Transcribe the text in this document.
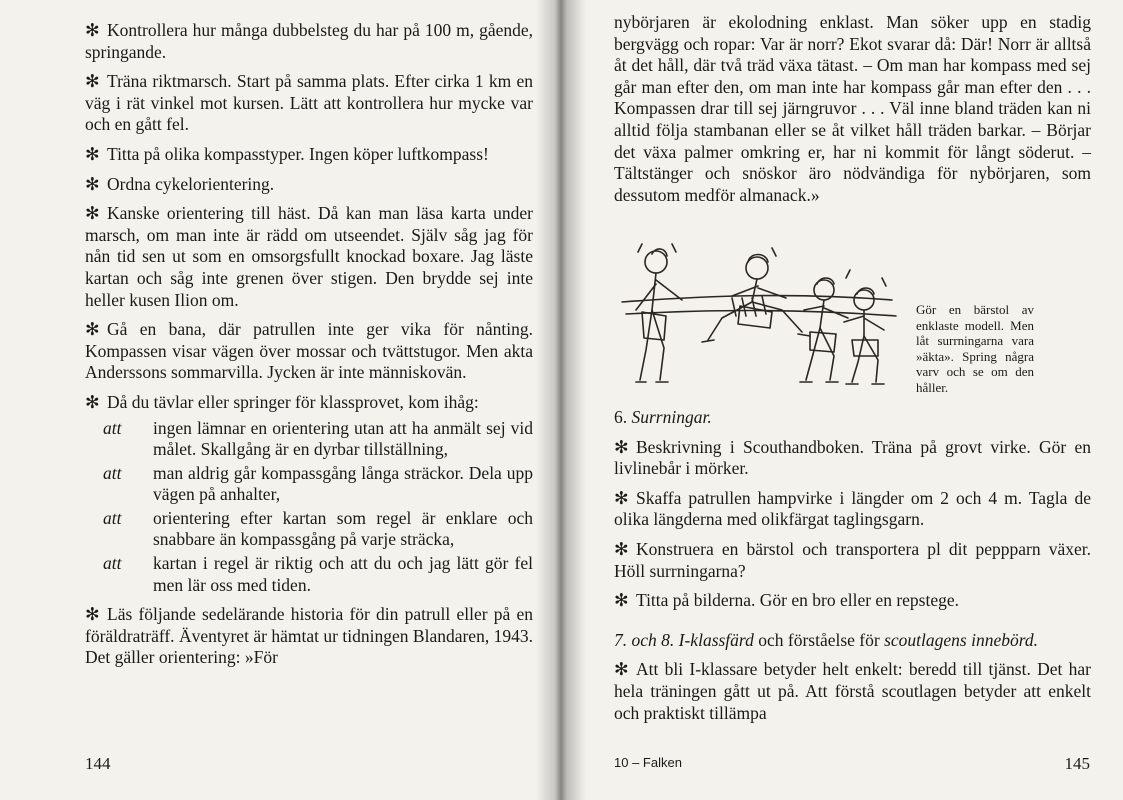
✻ Kontrollera hur många dubbelsteg du har på 100 m, gående, springande.

✻ Träna riktmarsch. Start på samma plats. Efter cirka 1 km en väg i rät vinkel mot kursen. Lätt att kontrollera hur mycke var och en gått fel.

✻ Titta på olika kompasstyper. Ingen köper luftkompass!

✻ Ordna cykelorientering.

✻ Kanske orientering till häst. Då kan man läsa karta under marsch, om man inte är rädd om utseendet. Själv såg jag för nån tid sen ut som en omsorgsfullt knockad boxare. Jag läste kartan och såg inte grenen över stigen. Den brydde sej inte heller kusen Ilion om.

✻ Gå en bana, där patrullen inte ger vika för nånting. Kompassen visar vägen över mossar och tvättstugor. Men akta Anderssons sommarvilla. Jycken är inte människovän.

✻ Då du tävlar eller springer för klassprovet, kom ihåg:

att	ingen lämnar en orientering utan att ha anmält sej vid målet. Skallgång är en dyrbar tillställning,
att	man aldrig går kompassgång långa sträckor. Dela upp vägen på anhalter,
att	orientering efter kartan som regel är enklare och snabbare än kompassgång på varje sträcka,
att	kartan i regel är riktig och att du och jag lätt gör fel men lär oss med tiden.

✻ Läs följande sedelärande historia för din patrull eller på en föräldraträff. Äventyret är hämtat ur tidningen Blandaren, 1943. Det gäller orientering: »För

144

nybörjaren är ekolodning enklast. Man söker upp en stadig bergvägg och ropar: Var är norr? Ekot svarar då: Där! Norr är alltså åt det håll, där två träd växa tätast. – Om man har kompass med sej går man efter den, om man inte har kompass går man efter den . . . Kompassen drar till sej järngruvor . . . Väl inne bland träden kan ni alltid följa stambanan eller se åt vilket håll träden barkar. – Börjar det växa palmer omkring er, har ni kommit för långt söderut. – Tältstänger och snöskor äro nödvändiga för nybörjaren, som dessutom medför almanack.»

6. Surrningar.

✻ Beskrivning i Scouthandboken. Träna på grovt virke. Gör en livlinebår i mörker.

✻ Skaffa patrullen hampvirke i längder om 2 och 4 m. Tagla de olika längderna med olikfärgat taglingsgarn.

✻ Konstruera en bärstol och transportera pl dit peppparn växer. Höll surrningarna?

✻ Titta på bilderna. Gör en bro eller en repstege.

7. och 8. I-klassfärd och förståelse för scoutlagens innebörd.

✻ Att bli I-klassare betyder helt enkelt: beredd till tjänst. Det har hela träningen gått ut på. Att förstå scoutlagen betyder att enkelt och praktiskt tillämpa

10 – Falken	145
Gör en bärstol av enklaste modell. Men låt surrningarna vara »äkta». Spring några varv och se om den håller.
